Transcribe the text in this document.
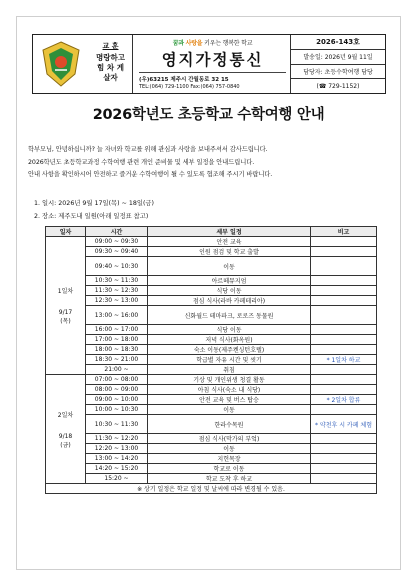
교 훈
명랑하고
힘 차 게
살자
꿈과 사랑을 키우는 행복한 학교
영지가정통신
(우)63215 제주시 간월동로 32 15
TEL:(064) 729-1100 Fax:(064) 757-0840
2026-143호
발송일: 2026년 9월 11일
담당자: 초등수학여행 담당
(☎ 729-1152)
2026학년도 초등학교 수학여행 안내
학부모님, 안녕하십니까? 늘 자녀와 학교를 위해 관심과 사랑을 보내주셔서 감사드립니다.
2026학년도 초등학교과정 수학여행 관련 개인 준비물 및 세부 일정을 안내드립니다.
안내 사항을 확인하시어 안전하고 즐거운 수학여행이 될 수 있도록 협조해 주시기 바랍니다.
1. 일시: 2026년 9월 17일(목) ~ 18일(금)
2. 장소: 제주도내 일원(아래 일정표 참고)
일자	시간	세부 일정	비고

1일차
9/17
(목)	09:00 ~ 09:30	안전 교육	
	09:30 ~ 09:40	인원 점검 및 학교 출발	
	09:40 ~ 10:30	이동	
	10:30 ~ 11:30	아르떼뮤지엄	
	11:30 ~ 12:30	식당 이동	
	12:30 ~ 13:00	점심 식사(라바 카페테리아)	
	13:00 ~ 16:00	신화월드 테마파크, 로로즈 동물원	
	16:00 ~ 17:00	식당 이동	
	17:00 ~ 18:00	저녁 식사(화옥원)	
	18:00 ~ 18:30	숙소 이동(제주켄싱턴호텔)	
	18:30 ~ 21:00	학급별 자유 시간 및 씻기	* 1일차 하교
	21:00 ~	취침	

2일차
9/18
(금)	07:00 ~ 08:00	기상 및 개인위생 청결 활동	
	08:00 ~ 09:00	아침 식사(숙소 내 식당)	
	09:00 ~ 10:00	안전 교육 및 버스 탑승	* 2일차 합류
	10:00 ~ 10:30	이동	
	10:30 ~ 11:30	한라수목원	* 약천후 시 카페 체험
	11:30 ~ 12:20	점심 식사(막가의 부엌)	
	12:20 ~ 13:00	이동	
	13:00 ~ 14:20	지헌목장	
	14:20 ~ 15:20	학교로 이동	
	15:20 ~	학교 도착 후 하교	
※ 상기 일정은 학교 일정 및 날씨에 따라 변경될 수 있음.			
